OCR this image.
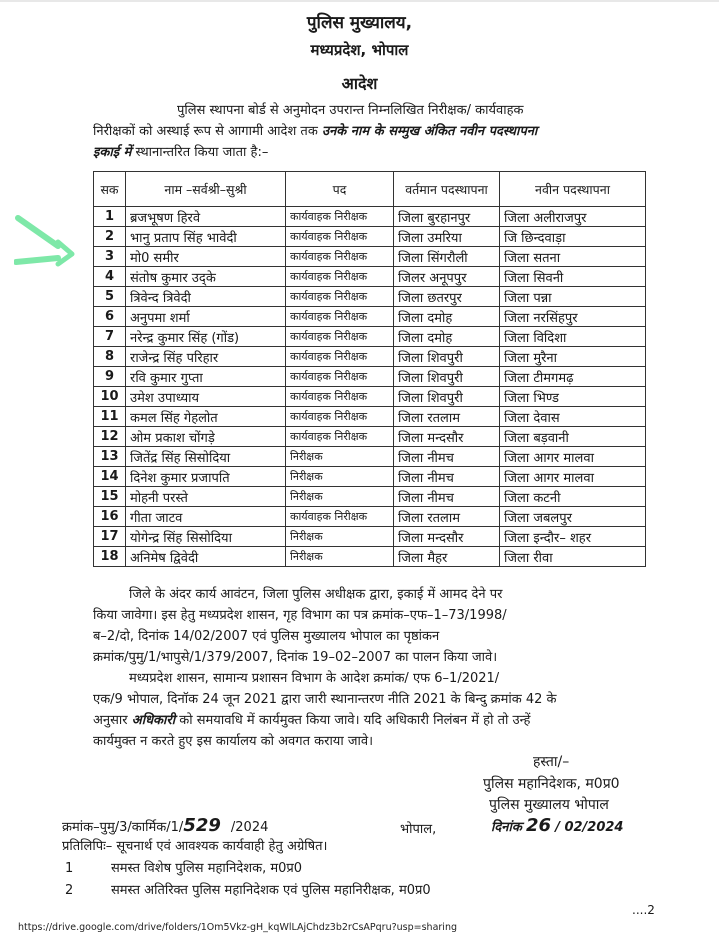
पुलिस मुख्यालय,
मध्यप्रदेश, भोपाल
आदेश
पुलिस स्थापना बोर्ड से अनुमोदन उपरान्त निम्नलिखित निरीक्षक/ कार्यवाहक
निरीक्षकों को अस्थाई रूप से आगामी आदेश तक उनके नाम के सम्मुख अंकित नवीन पदस्थापना
इकाई में स्थानान्तरित किया जाता है:–
सक	नाम –सर्वश्री–सुश्री	पद	वर्तमान पदस्थापना	नवीन पदस्थापना
1	ब्रजभूषण हिरवे	कार्यवाहक निरीक्षक	जिला बुरहानपुर	जिला अलीराजपुर
2	भानु प्रताप सिंह भावेदी	कार्यवाहक निरीक्षक	जिला उमरिया	जि छिन्दवाड़ा
3	मो0 समीर	कार्यवाहक निरीक्षक	जिला सिंगरौली	जिला सतना
4	संतोष कुमार उद्के	कार्यवाहक निरीक्षक	जिलर अनूपपुर	जिला सिवनी
5	त्रिवेन्द त्रिवेदी	कार्यवाहक निरीक्षक	जिला छतरपुर	जिला पन्ना
6	अनुपमा शर्मा	कार्यवाहक निरीक्षक	जिला दमोह	जिला नरसिंहपुर
7	नरेन्द्र कुमार सिंह (गोंड)	कार्यवाहक निरीक्षक	जिला दमोह	जिला विदिशा
8	राजेन्द्र सिंह परिहार	कार्यवाहक निरीक्षक	जिला शिवपुरी	जिला मुरैना
9	रवि कुमार गुप्ता	कार्यवाहक निरीक्षक	जिला शिवपुरी	जिला टीमगमढ़
10	उमेश उपाध्याय	कार्यवाहक निरीक्षक	जिला शिवपुरी	जिला भिण्ड
11	कमल सिंह गेहलोत	कार्यवाहक निरीक्षक	जिला रतलाम	जिला देवास
12	ओम प्रकाश चोंगड़े	कार्यवाहक निरीक्षक	जिला मन्दसौर	जिला बड़वानी
13	जितेंद्र सिंह सिसोदिया	निरीक्षक	जिला नीमच	जिला आगर मालवा
14	दिनेश कुमार प्रजापति	निरीक्षक	जिला नीमच	जिला आगर मालवा
15	मोहनी परस्ते	निरीक्षक	जिला नीमच	जिला कटनी
16	गीता जाटव	कार्यवाहक निरीक्षक	जिला रतलाम	जिला जबलपुर
17	योगेन्द्र सिंह सिसोदिया	निरीक्षक	जिला मन्दसौर	जिला इन्दौर– शहर
18	अनिमेष द्विवेदी	निरीक्षक	जिला मैहर	जिला रीवा
जिले के अंदर कार्य आवंटन, जिला पुलिस अधीक्षक द्वारा, इकाई में आमद देने पर
किया जावेगा। इस हेतु मध्यप्रदेश शासन, गृह विभाग का पत्र क्रमांक–एफ–1–73/1998/
ब–2/दो, दिनांक 14/02/2007 एवं पुलिस मुख्यालय भोपाल का पृष्ठांकन
क्रमांक/पुमु/1/भापुसे/1/379/2007, दिनांक 19–02–2007 का पालन किया जावे।
मध्यप्रदेश शासन, सामान्य प्रशासन विभाग के आदेश क्रमांक/ एफ 6–1/2021/
एक/9 भोपाल, दिनॉक 24 जून 2021 द्वारा जारी स्थानान्तरण नीति 2021 के बिन्दु क्रमांक 42 के
अनुसार अधिकारी को समयावधि में कार्यमुक्त किया जावे। यदि अधिकारी निलंबन में हो तो उन्हें
कार्यमुक्त न करते हुए इस कार्यालय को अवगत कराया जावे।
हस्ता/–
पुलिस महानिदेशक, म0प्र0
पुलिस मुख्यालय भोपाल
क्रमांक–पुमु/3/कार्मिक/1/529 /2024	भोपाल,	दिनांक 26 / 02/2024
प्रतिलिपिः– सूचनार्थ एवं आवश्यक कार्यवाही हेतु अग्रेषित।
1	समस्त विशेष पुलिस महानिदेशक, म0प्र0
2	समस्त अतिरिक्त पुलिस महानिदेशक एवं पुलिस महानिरीक्षक, म0प्र0
....2
https://drive.google.com/drive/folders/1Om5Vkz-gH_kqWlLAjChdz3b2rCsAPqru?usp=sharing
